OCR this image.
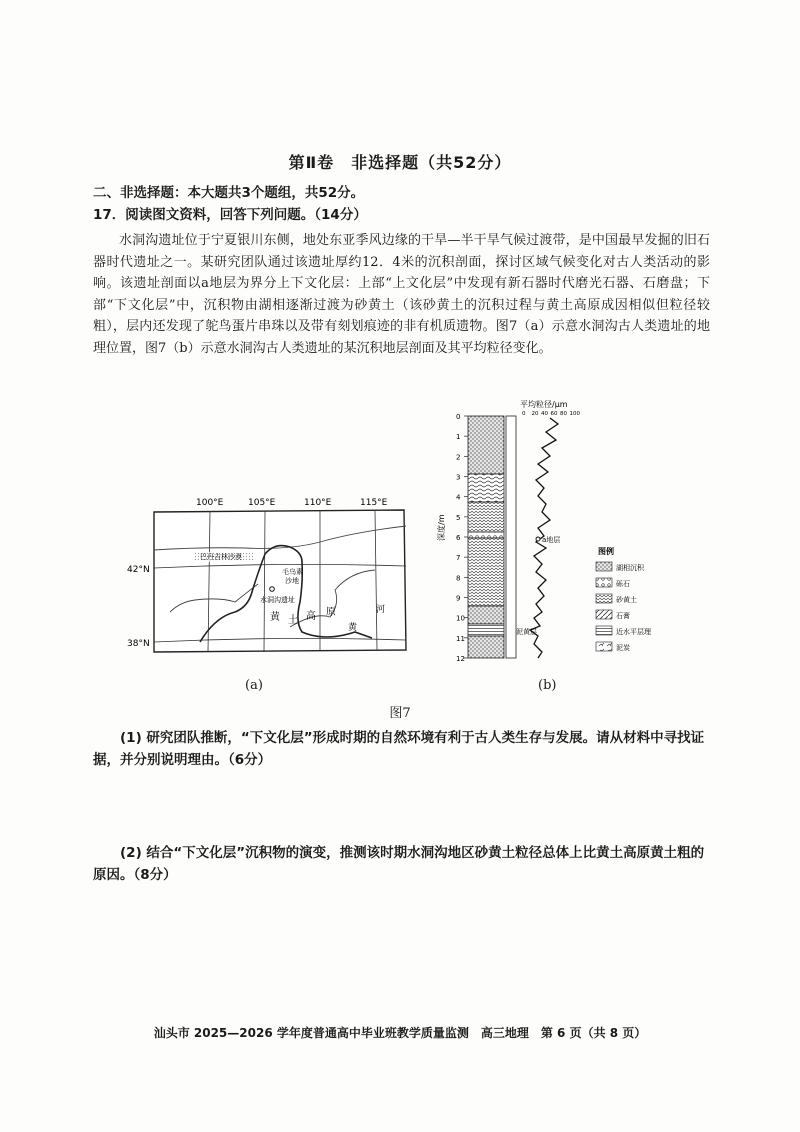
第Ⅱ卷　非选择题（共52分）
二、非选择题：本大题共3个题组，共52分。
17．阅读图文资料，回答下列问题。（14分）
水洞沟遗址位于宁夏银川东侧，地处东亚季风边缘的干旱—半干旱气候过渡带，是中国最早发掘的旧石器时代遗址之一。某研究团队通过该遗址厚约12．4米的沉积剖面，探讨区域气候变化对古人类活动的影响。该遗址剖面以a地层为界分上下文化层：上部“上文化层”中发现有新石器时代磨光石器、石磨盘；下部“下文化层”中，沉积物由湖相逐渐过渡为砂黄土（该砂黄土的沉积过程与黄土高原成因相似但粒径较粗），层内还发现了鸵鸟蛋片串珠以及带有刻划痕迹的非有机质遗物。图7（a）示意水洞沟古人类遗址的地理位置，图7（b）示意水洞沟古人类遗址的某沉积地层剖面及其平均粒径变化。
100°E	105°E	110°E	115°E
42°N
38°N
巴丹吉林沙漠
毛乌素
沙地
水洞沟遗址
黄 土 高 原
黄
河
(a)
平均粒径/μm
0 20 40 60 80 100
0
1
2
3
4
5
6
7
8
9
10
11
12
深度/m	a地层
泥黄层
图例
湖相沉积
砾石
砂黄土
石膏
近水平层理
泥炭
(b)
图7
(1) 研究团队推断，“下文化层”形成时期的自然环境有利于古人类生存与发展。请从材料中寻找证据，并分别说明理由。（6分）
(2) 结合“下文化层”沉积物的演变，推测该时期水洞沟地区砂黄土粒径总体上比黄土高原黄土粗的原因。（8分）
汕头市 2025—2026 学年度普通高中毕业班教学质量监测　高三地理　第 6 页（共 8 页）
